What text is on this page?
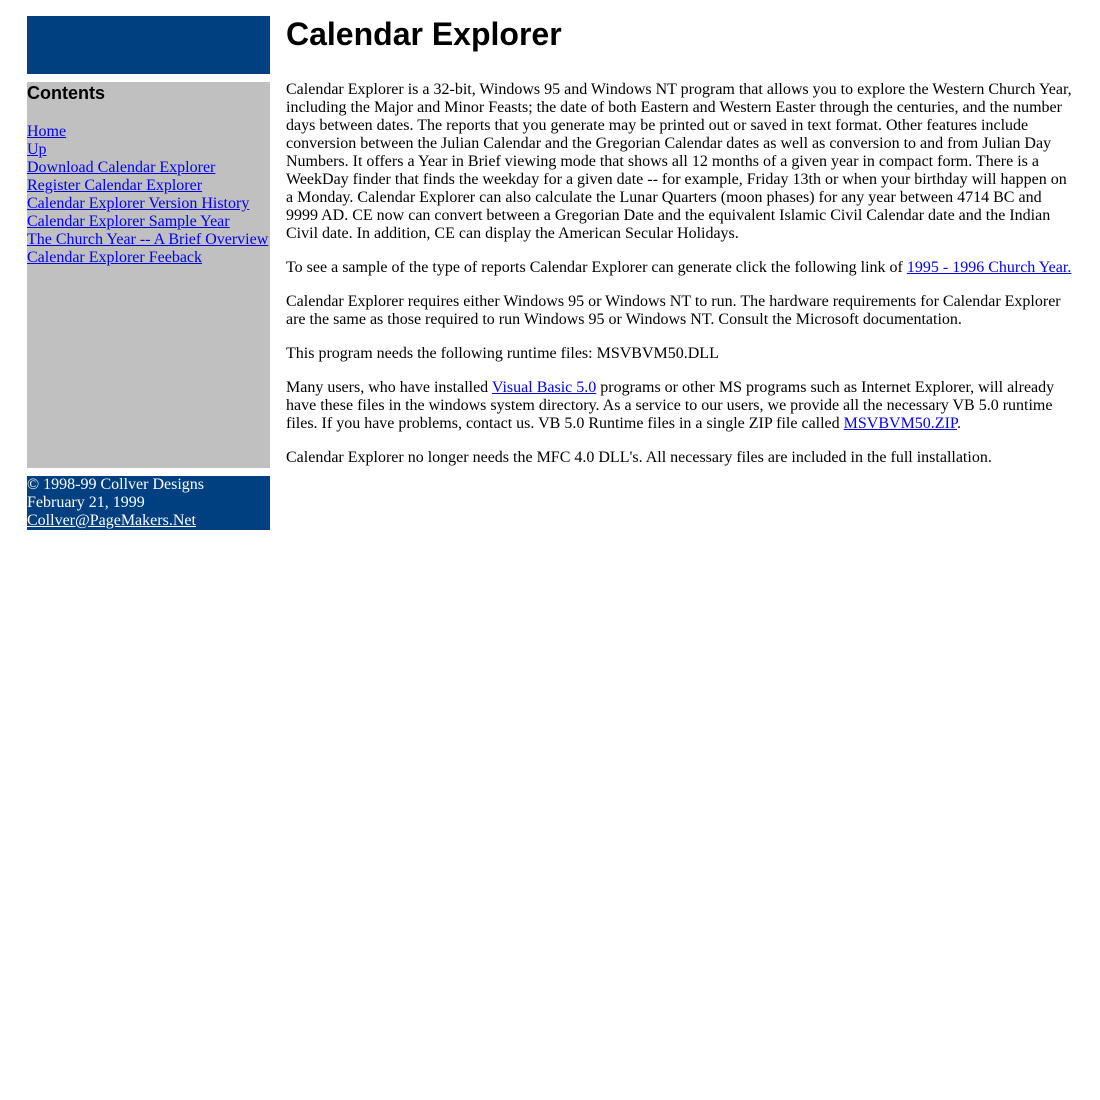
Contents
Home
Up
Download Calendar Explorer
Register Calendar Explorer
Calendar Explorer Version History
Calendar Explorer Sample Year
The Church Year -- A Brief Overview
Calendar Explorer Feeback
© 1998-99 Collver Designs
February 21, 1999
Collver@PageMakers.Net
Calendar Explorer

Calendar Explorer is a 32-bit, Windows 95 and Windows NT program that allows you to explore the Western Church Year, including the Major and Minor Feasts; the date of both Eastern and Western Easter through the centuries, and the number days between dates. The reports that you generate may be printed out or saved in text format. Other features include conversion between the Julian Calendar and the Gregorian Calendar dates as well as conversion to and from Julian Day Numbers. It offers a Year in Brief viewing mode that shows all 12 months of a given year in compact form. There is a WeekDay finder that finds the weekday for a given date -- for example, Friday 13th or when your birthday will happen on a Monday. Calendar Explorer can also calculate the Lunar Quarters (moon phases) for any year between 4714 BC and 9999 AD. CE now can convert between a Gregorian Date and the equivalent Islamic Civil Calendar date and the Indian Civil date. In addition, CE can display the American Secular Holidays.

To see a sample of the type of reports Calendar Explorer can generate click the following link of 1995 - 1996 Church Year.

Calendar Explorer requires either Windows 95 or Windows NT to run. The hardware requirements for Calendar Explorer are the same as those required to run Windows 95 or Windows NT. Consult the Microsoft documentation.

This program needs the following runtime files: MSVBVM50.DLL

Many users, who have installed Visual Basic 5.0 programs or other MS programs such as Internet Explorer, will already have these files in the windows system directory. As a service to our users, we provide all the necessary VB 5.0 runtime files. If you have problems, contact us. VB 5.0 Runtime files in a single ZIP file called MSVBVM50.ZIP.

Calendar Explorer no longer needs the MFC 4.0 DLL's. All necessary files are included in the full installation.
